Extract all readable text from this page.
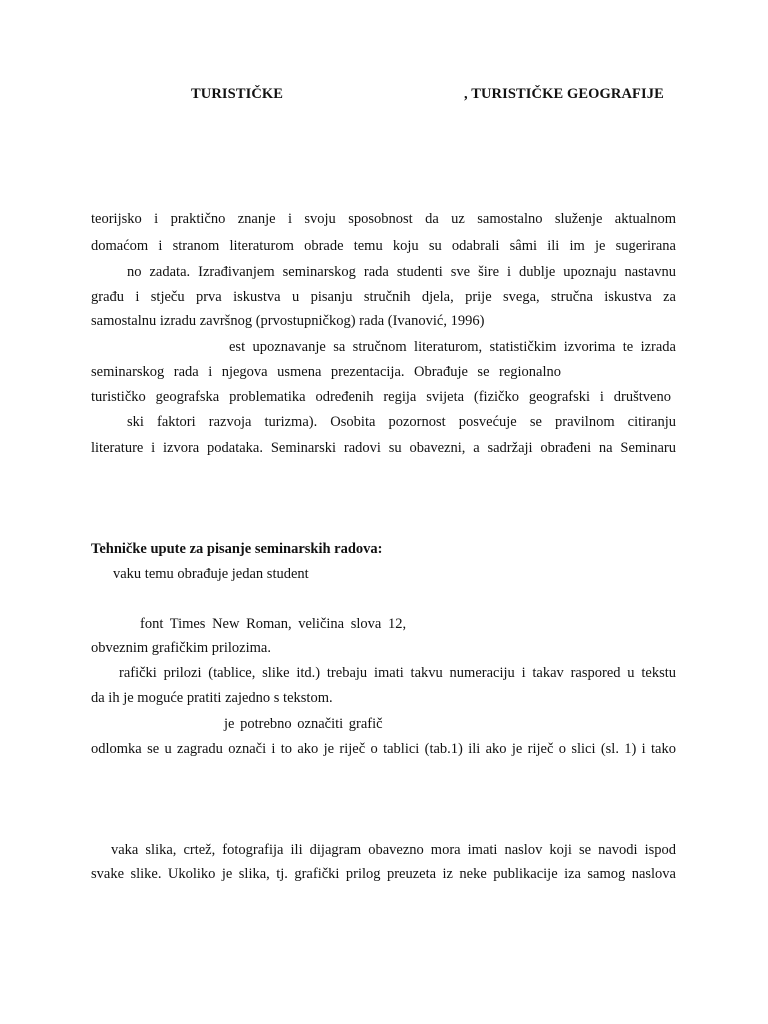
TURISTIČKE	, TURISTIČKE GEOGRAFIJE
teorijsko i praktično znanje i svoju sposobnost da uz samostalno služenje aktualnom
domaćom i stranom literaturom obrade temu koju su odabrali sâmi ili im je sugerirana
no zadata. Izrađivanjem seminarskog rada studenti sve šire i dublje upoznaju nastavnu
građu i stječu prva iskustva u pisanju stručnih djela, prije svega, stručna iskustva za
samostalnu izradu završnog (prvostupničkog) rada (Ivanović, 1996)
est upoznavanje sa stručnom literaturom, statističkim izvorima te izrada
seminarskog rada i njegova usmena prezentacija. Obrađuje se regionalno
turističko geografska problematika određenih regija svijeta (fizičko geografski i društveno
ski faktori razvoja turizma). Osobita pozornost posvećuje se pravilnom citiranju
literature i izvora podataka. Seminarski radovi su obavezni, a sadržaji obrađeni na Seminaru
Tehničke upute za pisanje seminarskih radova:
vaku temu obrađuje jedan student
font Times New Roman, veličina slova 12,
obveznim grafičkim prilozima.
rafički prilozi (tablice, slike itd.) trebaju imati takvu numeraciju i takav raspored u tekstu
da ih je moguće pratiti zajedno s tekstom.
je potrebno označiti grafič
odlomka se u zagradu označi i to ako je riječ o tablici (tab.1) ili ako je riječ o slici (sl. 1) i tako
vaka slika, crtež, fotografija ili dijagram obavezno mora imati naslov koji se navodi ispod
svake slike. Ukoliko je slika, tj. grafički prilog preuzeta iz neke publikacije iza samog naslova
